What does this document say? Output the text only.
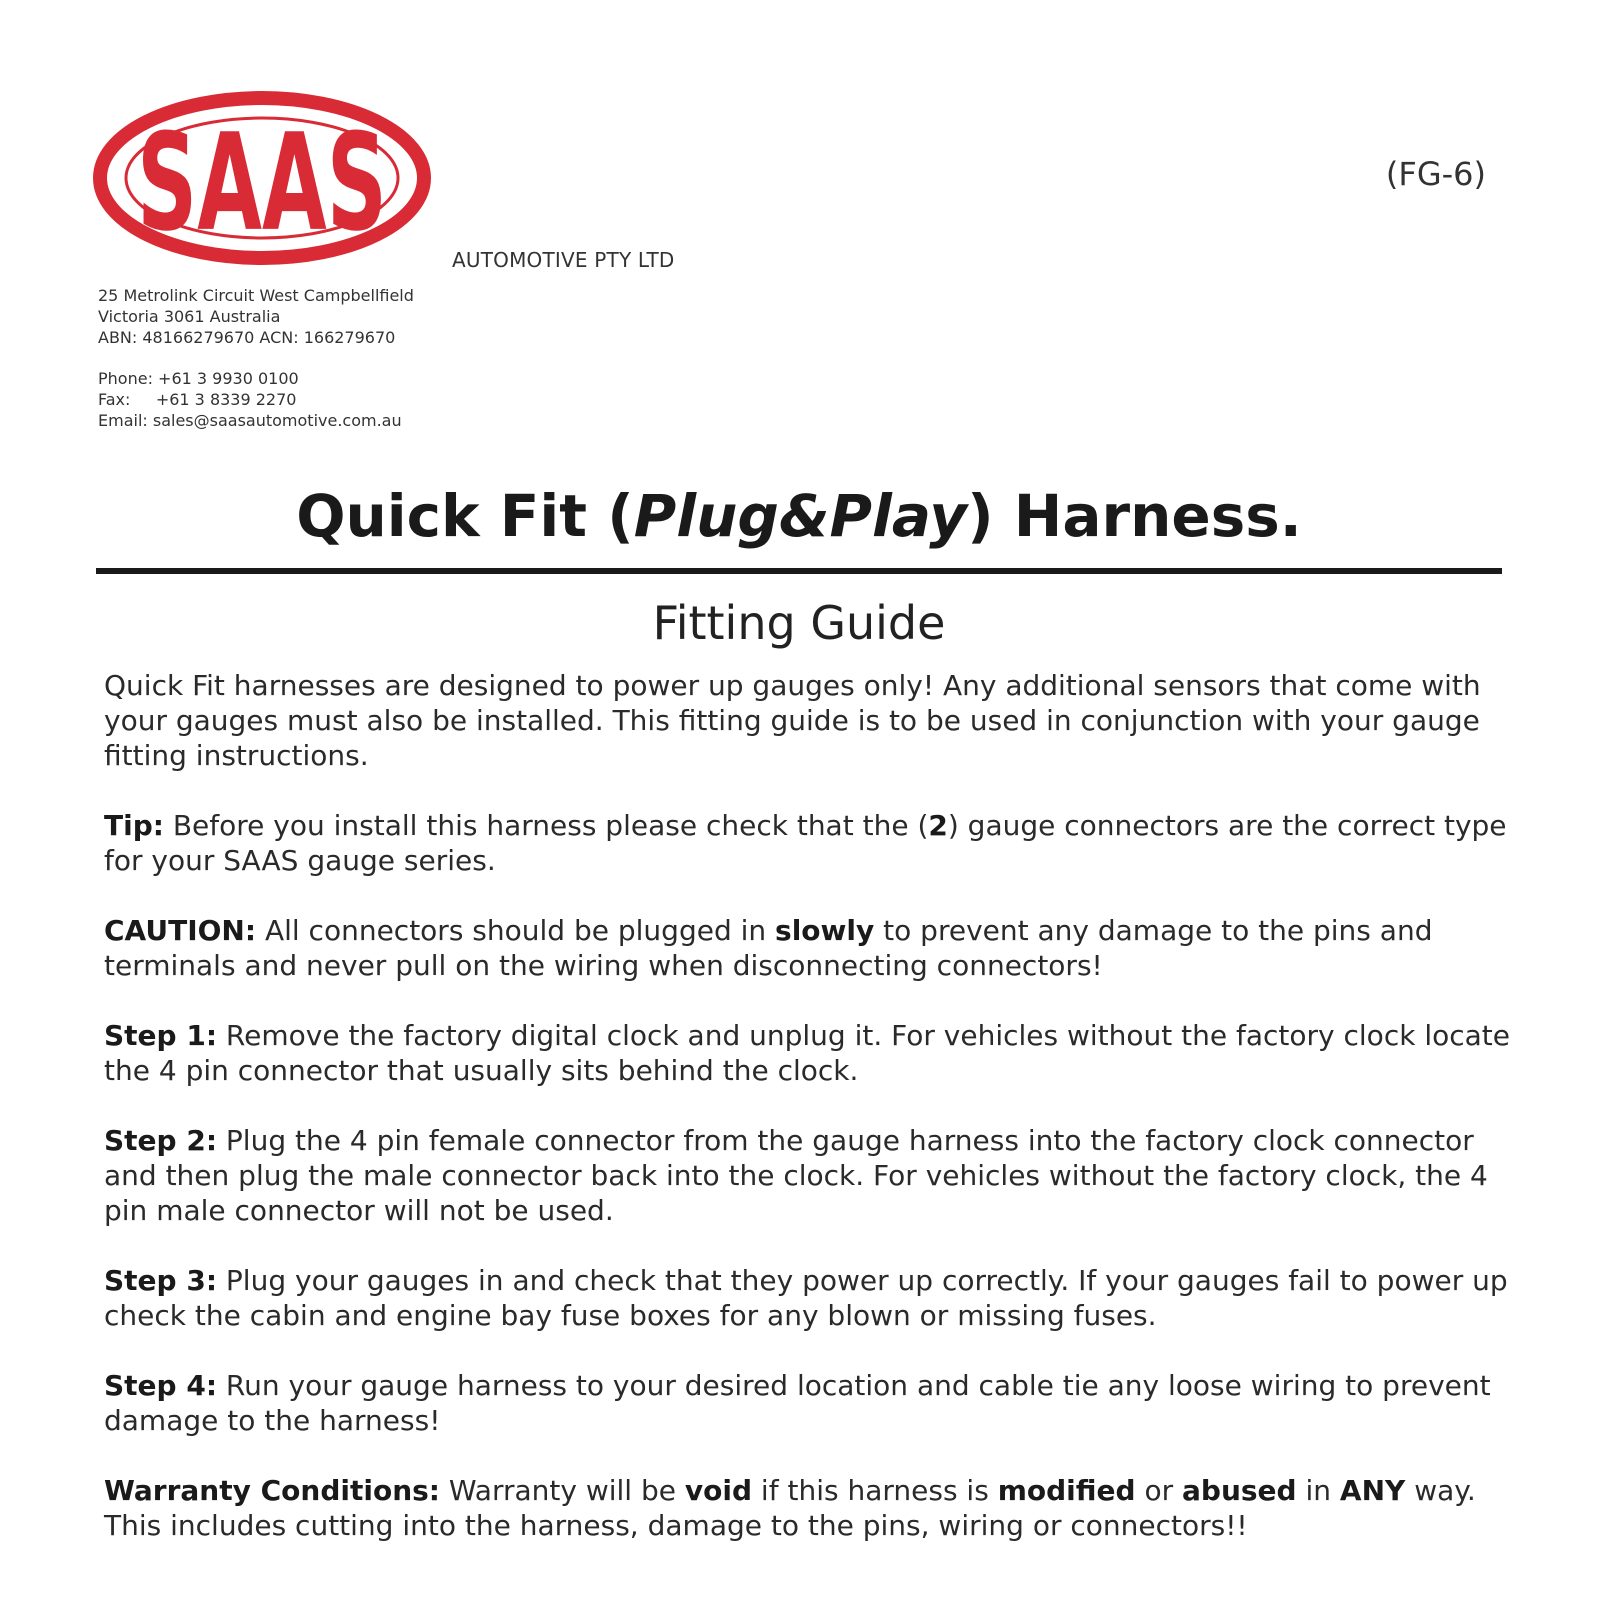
SAAS	AUTOMOTIVE PTY LTD
(FG-6)
25 Metrolink Circuit West Campbellfield
Victoria 3061 Australia
ABN: 48166279670 ACN: 166279670
Phone: +61 3 9930 0100
Fax:     +61 3 8339 2270
Email: sales@saasautomotive.com.au
Quick Fit (Plug&Play) Harness.
Fitting Guide

Quick Fit harnesses are designed to power up gauges only! Any additional sensors that come with your gauges must also be installed. This fitting guide is to be used in conjunction with your gauge fitting instructions.

Tip: Before you install this harness please check that the (2) gauge connectors are the correct type for your SAAS gauge series.

CAUTION: All connectors should be plugged in slowly to prevent any damage to the pins and terminals and never pull on the wiring when disconnecting connectors!

Step 1: Remove the factory digital clock and unplug it. For vehicles without the factory clock locate the 4 pin connector that usually sits behind the clock.

Step 2: Plug the 4 pin female connector from the gauge harness into the factory clock connector and then plug the male connector back into the clock. For vehicles without the factory clock, the 4 pin male connector will not be used.

Step 3: Plug your gauges in and check that they power up correctly. If your gauges fail to power up check the cabin and engine bay fuse boxes for any blown or missing fuses.

Step 4: Run your gauge harness to your desired location and cable tie any loose wiring to prevent damage to the harness!

Warranty Conditions: Warranty will be void if this harness is modified or abused in ANY way. This includes cutting into the harness, damage to the pins, wiring or connectors!!
